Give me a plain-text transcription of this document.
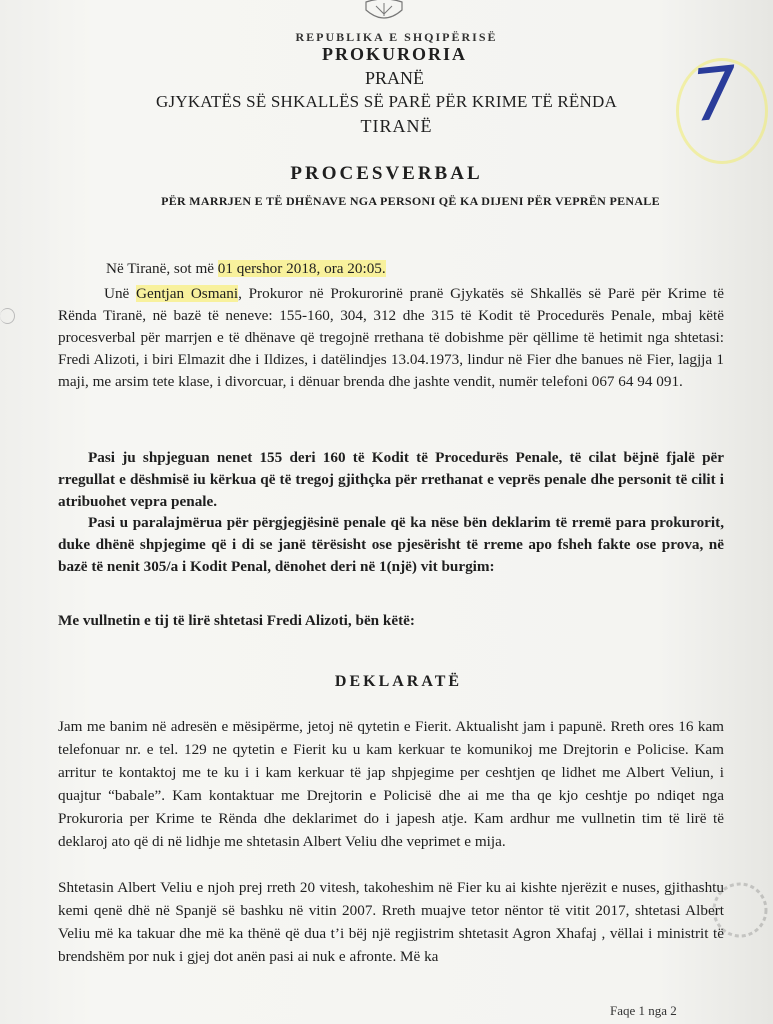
REPUBLIKA E SHQIPËRISË
PROKURORIA
PRANË
GJYKATËS SË SHKALLËS SË PARË PËR KRIME TË RËNDA
TIRANË	7
PROCESVERBAL
PËR MARRJEN E TË DHËNAVE NGA PERSONI QË KA DIJENI PËR VEPRËN PENALE
Në Tiranë, sot më 01 qershor 2018, ora 20:05.
Unë Gentjan Osmani, Prokuror në Prokurorinë pranë Gjykatës së Shkallës së Parë për Krime të Rënda Tiranë, në bazë të neneve: 155-160, 304, 312 dhe 315 të Kodit të Procedurës Penale, mbaj këtë procesverbal për marrjen e të dhënave që tregojnë rrethana të dobishme për qëllime të hetimit nga shtetasi: Fredi Alizoti, i biri Elmazit dhe i Ildizes, i datëlindjes 13.04.1973, lindur në Fier dhe banues në Fier, lagjja 1 maji, me arsim tete klase, i divorcuar, i dënuar brenda dhe jashte vendit, numër telefoni 067 64 94 091.
Pasi ju shpjeguan nenet 155 deri 160 të Kodit të Procedurës Penale, të cilat bëjnë fjalë për rregullat e dëshmisë iu kërkua që të tregoj gjithçka për rrethanat e veprës penale dhe personit të cilit i atribuohet vepra penale.
Pasi u paralajmërua për përgjegjësinë penale që ka nëse bën deklarim të rremë para prokurorit, duke dhënë shpjegime që i di se janë tërësisht ose pjesërisht të rreme apo fsheh fakte ose prova, në bazë të nenit 305/a i Kodit Penal, dënohet deri në 1(një) vit burgim:
Me vullnetin e tij të lirë shtetasi Fredi Alizoti, bën këtë:
DEKLARATË
Jam me banim në adresën e mësipërme, jetoj në qytetin e Fierit. Aktualisht jam i papunë. Rreth ores 16 kam telefonuar nr. e tel. 129 ne qytetin e Fierit ku u kam kerkuar te komunikoj me Drejtorin e Policise. Kam arritur te kontaktoj me te ku i i kam kerkuar të jap shpjegime per ceshtjen qe lidhet me Albert Veliun, i quajtur “babale”. Kam kontaktuar me Drejtorin e Policisë dhe ai me tha qe kjo ceshtje po ndiqet nga Prokuroria per Krime te Rënda dhe deklarimet do i japesh atje. Kam ardhur me vullnetin tim të lirë të deklaroj ato që di në lidhje me shtetasin Albert Veliu dhe veprimet e mija.
Shtetasin Albert Veliu e njoh prej rreth 20 vitesh, takoheshim në Fier ku ai kishte njerëzit e nuses, gjithashtu kemi qenë dhë në Spanjë së bashku në vitin 2007. Rreth muajve tetor nëntor të vitit 2017, shtetasi Albert Veliu më ka takuar dhe më ka thënë që dua t’i bëj një regjistrim shtetasit Agron Xhafaj , vëllai i ministrit të brendshëm por nuk i gjej dot anën pasi ai nuk e afronte. Më ka
Faqe 1 nga 2
